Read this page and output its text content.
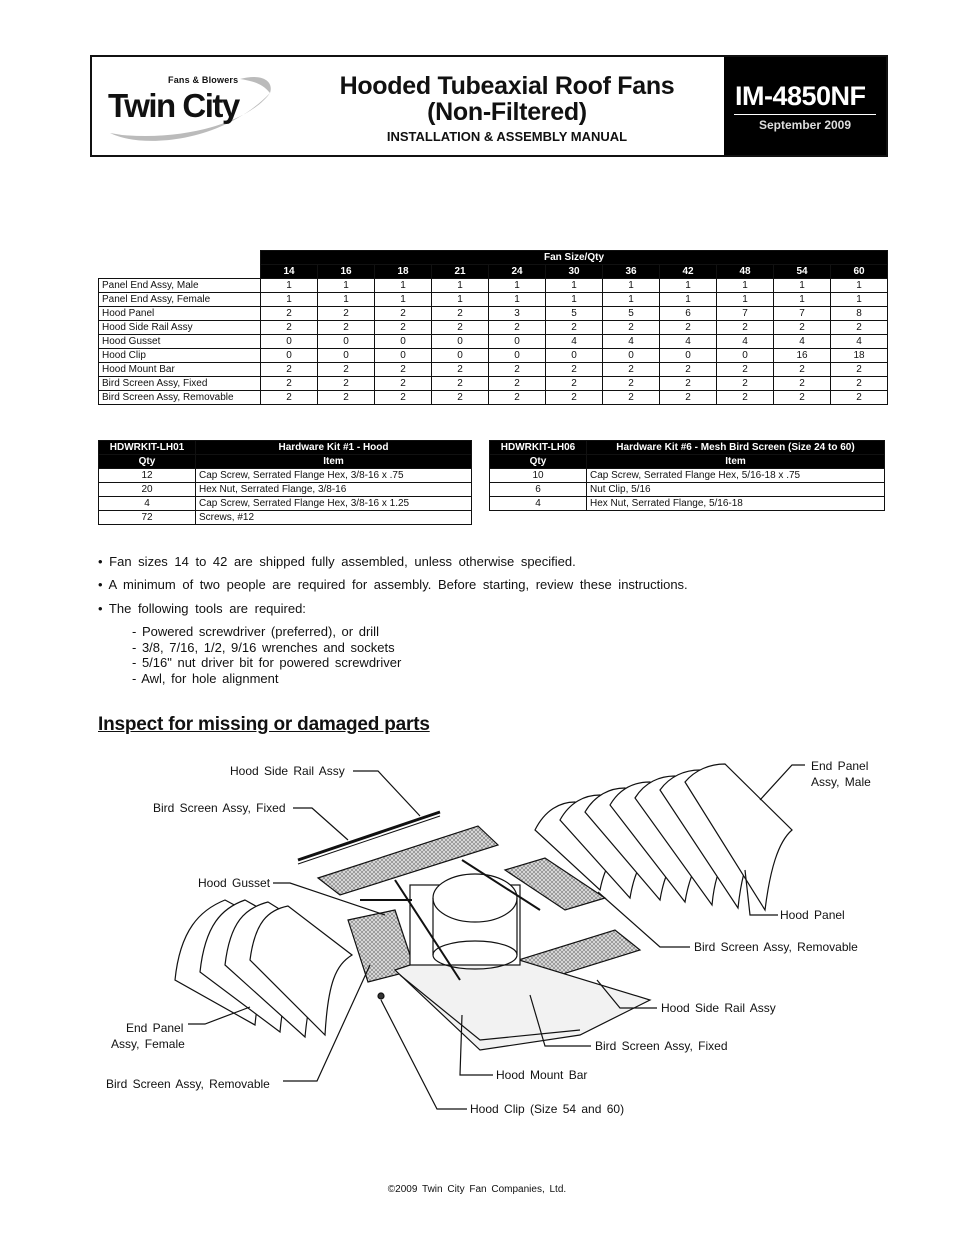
Fans & Blowers
Twin City
Hooded Tubeaxial Roof Fans
(Non-Filtered)
INSTALLATION & ASSEMBLY MANUAL
IM-4850NF
September 2009
	Fan Size/Qty										
	14	16	18	21	24	30	36	42	48	54	60
Panel End Assy, Male	1	1	1	1	1	1	1	1	1	1	1
Panel End Assy, Female	1	1	1	1	1	1	1	1	1	1	1
Hood Panel	2	2	2	2	3	5	5	6	7	7	8
Hood Side Rail Assy	2	2	2	2	2	2	2	2	2	2	2
Hood Gusset	0	0	0	0	0	4	4	4	4	4	4
Hood Clip	0	0	0	0	0	0	0	0	0	16	18
Hood Mount Bar	2	2	2	2	2	2	2	2	2	2	2
Bird Screen Assy, Fixed	2	2	2	2	2	2	2	2	2	2	2
Bird Screen Assy, Removable	2	2	2	2	2	2	2	2	2	2	2
HDWRKIT-LH01	Hardware Kit #1 - Hood
Qty	Item
12	Cap Screw, Serrated Flange Hex, 3/8-16 x .75
20	Hex Nut, Serrated Flange, 3/8-16
4	Cap Screw, Serrated Flange Hex, 3/8-16 x 1.25
72	Screws, #12
HDWRKIT-LH06	Hardware Kit #6 - Mesh Bird Screen (Size 24 to 60)
Qty	Item
10	Cap Screw, Serrated Flange Hex, 5/16-18 x .75
6	Nut Clip, 5/16
4	Hex Nut, Serrated Flange, 5/16-18
• Fan sizes 14 to 42 are shipped fully assembled, unless otherwise specified.
• A minimum of two people are required for assembly. Before starting, review these instructions.
• The following tools are required:
- Powered screwdriver (preferred), or drill
- 3/8, 7/16, 1/2, 9/16 wrenches and sockets
- 5/16" nut driver bit for powered screwdriver
- Awl, for hole alignment
Inspect for missing or damaged parts
Hood Side Rail Assy
Bird Screen Assy, Fixed
Hood Gusset
End Panel
Assy, Female
Bird Screen Assy, Removable
End Panel
Assy, Male
Hood Panel
Bird Screen Assy, Removable
Hood Side Rail Assy
Bird Screen Assy, Fixed
Hood Mount Bar
Hood Clip (Size 54 and 60)
©2009 Twin City Fan Companies, Ltd.
